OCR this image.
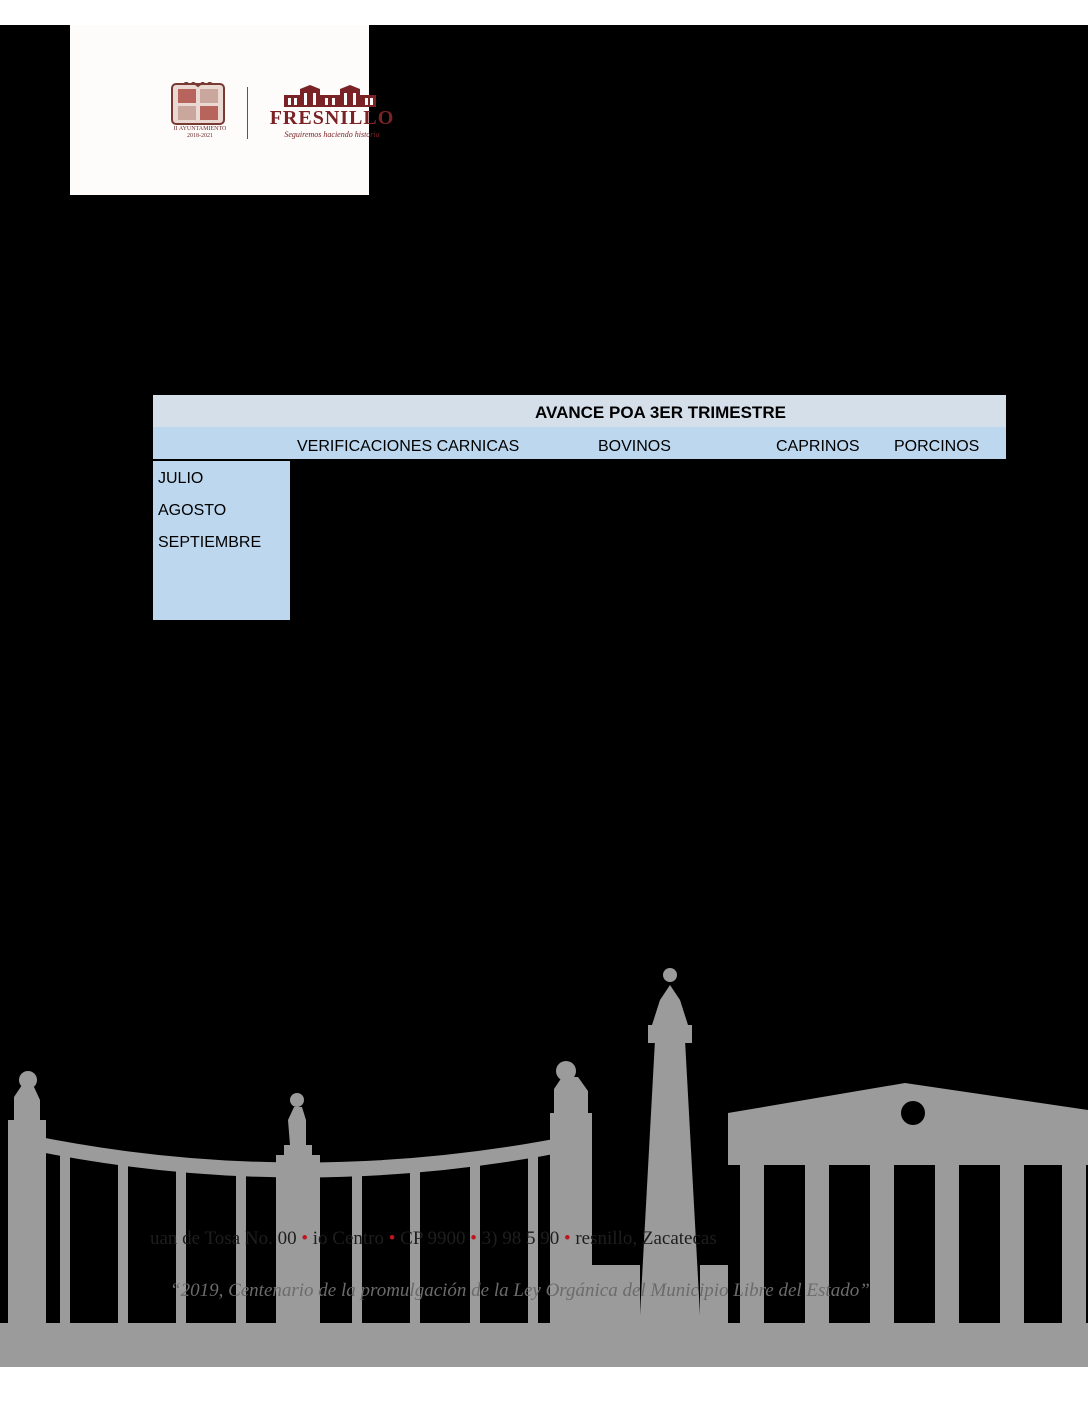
II AYUNTAMIENTO
2018-2021
FRESNILLO
Seguiremos haciendo historia
AVANCE POA 3ER TRIMESTRE
VERIFICACIONES CARNICAS	BOVINOS	CAPRINOS PORCINOS
JULIO
AGOSTO
SEPTIEMBRE
uan de Tosa No. 00 • io Centro • CP 9900 • 3) 98 5 90 • resnillo, Zacatecas
“2019, Centenario de la promulgación de la Ley Orgánica del Municipio Libre del Estado”
